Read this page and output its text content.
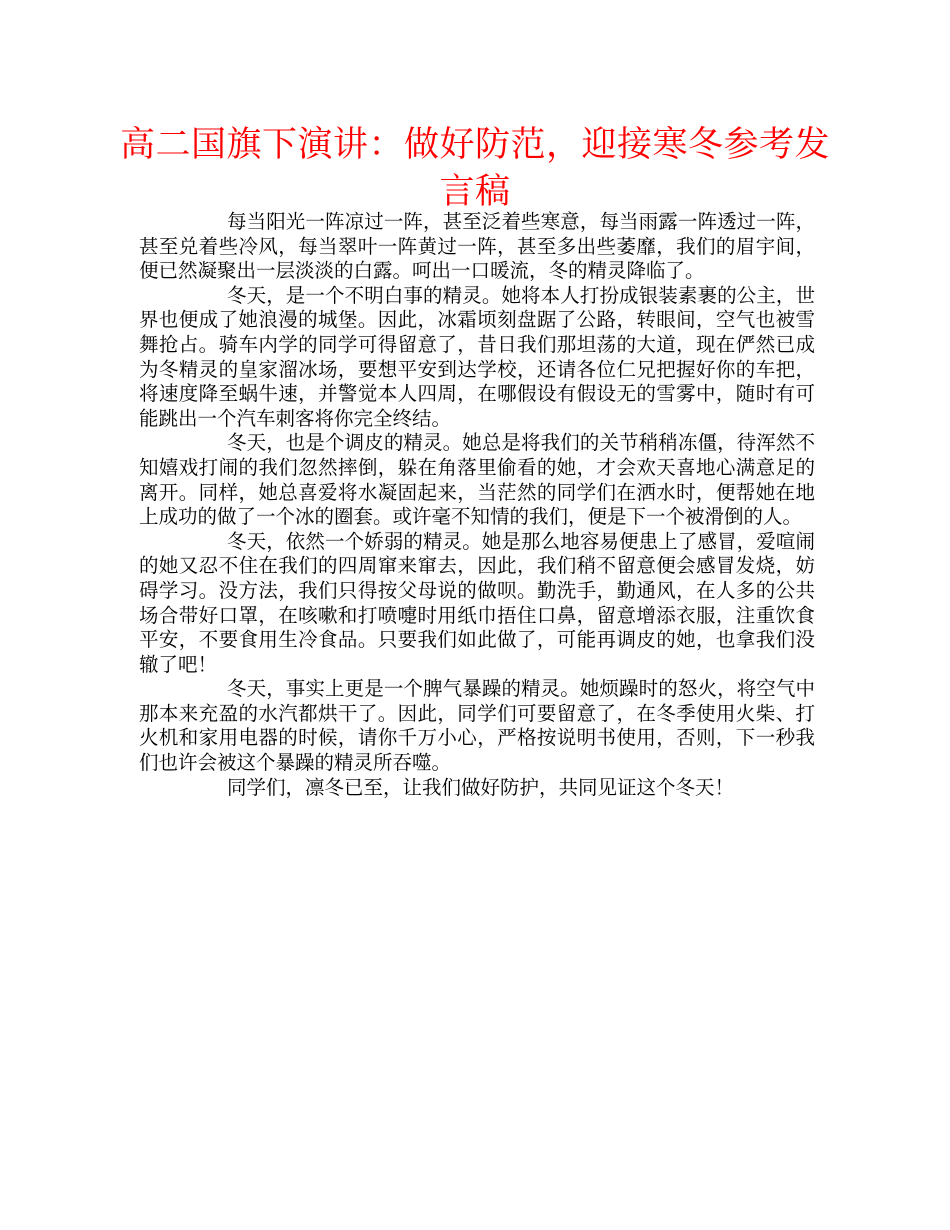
高二国旗下演讲：做好防范，迎接寒冬参考发言稿

每当阳光一阵凉过一阵，甚至泛着些寒意，每当雨露一阵透过一阵，甚至兑着些冷风，每当翠叶一阵黄过一阵，甚至多出些萎靡，我们的眉宇间，便已然凝聚出一层淡淡的白露。呵出一口暖流，冬的精灵降临了。

冬天，是一个不明白事的精灵。她将本人打扮成银装素裹的公主，世界也便成了她浪漫的城堡。因此，冰霜顷刻盘踞了公路，转眼间，空气也被雪舞抢占。骑车内学的同学可得留意了，昔日我们那坦荡的大道，现在俨然已成为冬精灵的皇家溜冰场，要想平安到达学校，还请各位仁兄把握好你的车把，将速度降至蜗牛速，并警觉本人四周，在哪假设有假设无的雪雾中，随时有可能跳出一个汽车刺客将你完全终结。

冬天，也是个调皮的精灵。她总是将我们的关节稍稍冻僵，待浑然不知嬉戏打闹的我们忽然摔倒，躲在角落里偷看的她，才会欢天喜地心满意足的离开。同样，她总喜爱将水凝固起来，当茫然的同学们在洒水时，便帮她在地上成功的做了一个冰的圈套。或许毫不知情的我们，便是下一个被滑倒的人。

冬天，依然一个娇弱的精灵。她是那么地容易便患上了感冒，爱喧闹的她又忍不住在我们的四周窜来窜去，因此，我们稍不留意便会感冒发烧，妨碍学习。没方法，我们只得按父母说的做呗。勤洗手，勤通风，在人多的公共场合带好口罩，在咳嗽和打喷嚏时用纸巾捂住口鼻，留意增添衣服，注重饮食平安，不要食用生冷食品。只要我们如此做了，可能再调皮的她，也拿我们没辙了吧！

冬天，事实上更是一个脾气暴躁的精灵。她烦躁时的怒火，将空气中那本来充盈的水汽都烘干了。因此，同学们可要留意了，在冬季使用火柴、打火机和家用电器的时候，请你千万小心，严格按说明书使用，否则，下一秒我们也许会被这个暴躁的精灵所吞噬。

同学们，凛冬已至，让我们做好防护，共同见证这个冬天！
